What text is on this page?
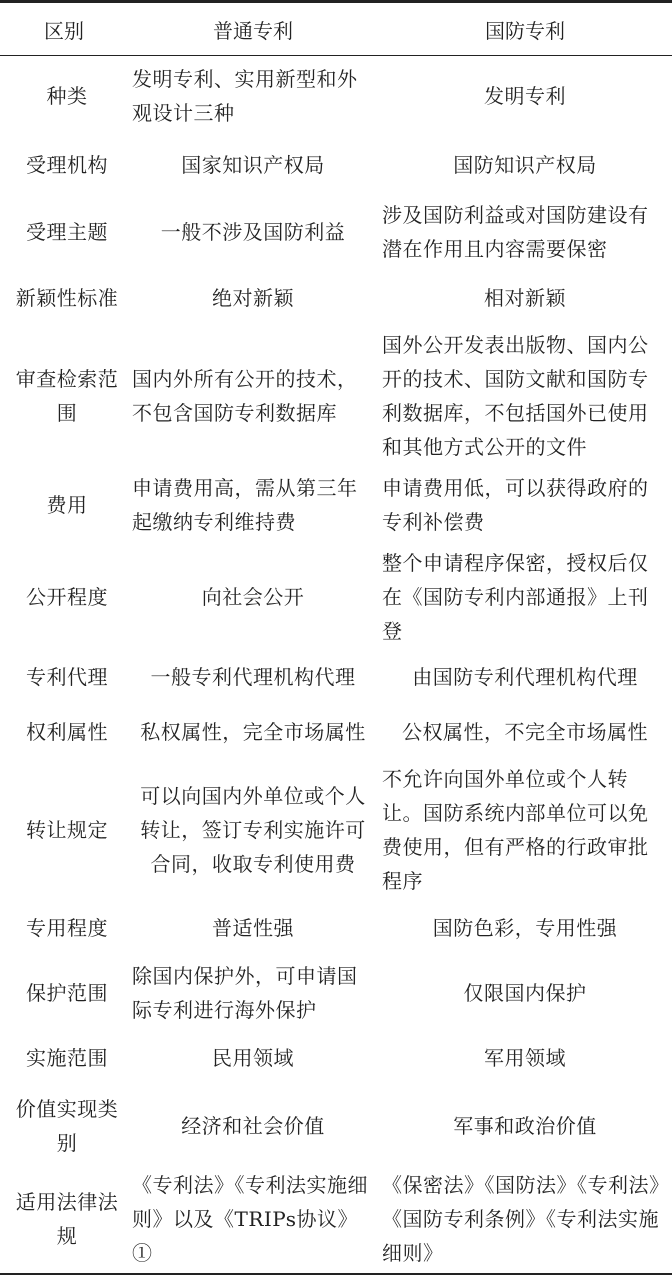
区别	普通专利	国防专利
种类	发明专利、实用新型和外观设计三种	发明专利
受理机构	国家知识产权局	国防知识产权局
受理主题	一般不涉及国防利益	涉及国防利益或对国防建设有潜在作用且内容需要保密
新颖性标准	绝对新颖	相对新颖
审查检索范围	国内外所有公开的技术，不包含国防专利数据库	国外公开发表出版物、国内公开的技术、国防文献和国防专利数据库，不包括国外已使用和其他方式公开的文件
费用	申请费用高，需从第三年起缴纳专利维持费	申请费用低，可以获得政府的专利补偿费
公开程度	向社会公开	整个申请程序保密，授权后仅在《国防专利内部通报》上刊登
专利代理	一般专利代理机构代理	由国防专利代理机构代理
权利属性	私权属性，完全市场属性	公权属性，不完全市场属性
转让规定	可以向国内外单位或个人转让，签订专利实施许可合同，收取专利使用费	不允许向国外单位或个人转让。国防系统内部单位可以免费使用，但有严格的行政审批程序
专用程度	普适性强	国防色彩，专用性强
保护范围	除国内保护外，可申请国际专利进行海外保护	仅限国内保护
实施范围	民用领域	军用领域
价值实现类别	经济和社会价值	军事和政治价值
适用法律法规	《专利法》《专利法实施细则》以及《TRIPs协议》①	《保密法》《国防法》《专利法》《国防专利条例》《专利法实施细则》
